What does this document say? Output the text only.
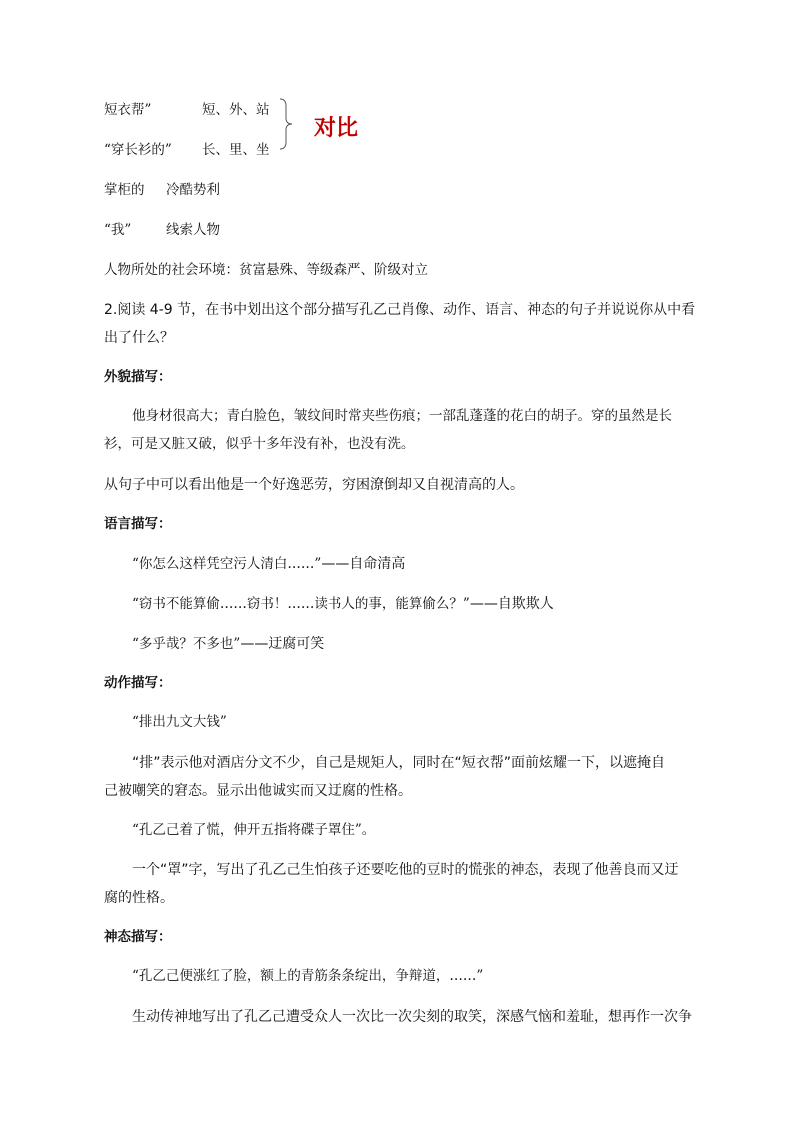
短衣帮”	短、外、站
“穿长衫的” 长、里、坐
对比
掌柜的 冷酷势利
“我”	线索人物
人物所处的社会环境：贫富悬殊、等级森严、阶级对立
2.阅读 4-9 节，在书中划出这个部分描写孔乙己肖像、动作、语言、神态的句子并说说你从中看
出了什么？
外貌描写：
他身材很高大；青白脸色，皱纹间时常夹些伤痕；一部乱蓬蓬的花白的胡子。穿的虽然是长
衫，可是又脏又破，似乎十多年没有补，也没有洗。
从句子中可以看出他是一个好逸恶劳，穷困潦倒却又自视清高的人。
语言描写：
“你怎么这样凭空污人清白……”——自命清高
“窃书不能算偷……窃书！……读书人的事，能算偷么？”——自欺欺人
“多乎哉？不多也”——迂腐可笑
动作描写：
“排出九文大钱”
“排”表示他对酒店分文不少，自己是规矩人，同时在“短衣帮”面前炫耀一下，以遮掩自
己被嘲笑的窘态。显示出他诚实而又迂腐的性格。
“孔乙己着了慌，伸开五指将碟子罩住”。
一个“罩”字，写出了孔乙己生怕孩子还要吃他的豆时的慌张的神态，表现了他善良而又迂
腐的性格。
神态描写：
“孔乙己便涨红了脸，额上的青筋条条绽出，争辩道，……”
生动传神地写出了孔乙己遭受众人一次比一次尖刻的取笑，深感气恼和羞耻，想再作一次争
